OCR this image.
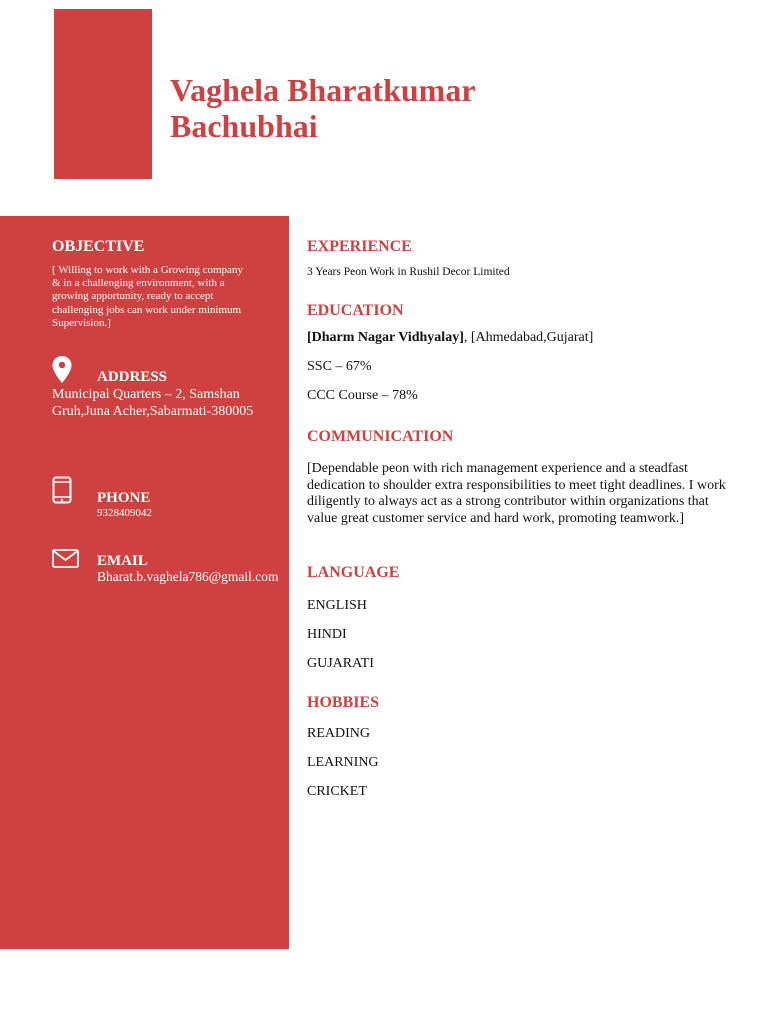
Vaghela Bharatkumar
Bachubhai
OBJECTIVE

[ Willing to work with a Growing company & in a challenging environment, with a growing apportunity, ready to accept challenging jobs can work under minimum Supervision.]

ADDRESS

Municipal Quarters – 2, Samshan Gruh,Juna Acher,Sabarmati-380005

PHONE

9328409042

EMAIL

Bharat.b.vaghela786@gmail.com

EXPERIENCE

3 Years Peon Work in Rushil Decor Limited

EDUCATION

[Dharm Nagar Vidhyalay], [Ahmedabad,Gujarat]

SSC – 67%

CCC Course – 78%

COMMUNICATION

[Dependable peon with rich management experience and a steadfast dedication to shoulder extra responsibilities to meet tight deadlines. I work diligently to always act as a strong contributor within organizations that value great customer service and hard work, promoting teamwork.]

LANGUAGE

ENGLISH

HINDI

GUJARATI

HOBBIES

READING

LEARNING

CRICKET
